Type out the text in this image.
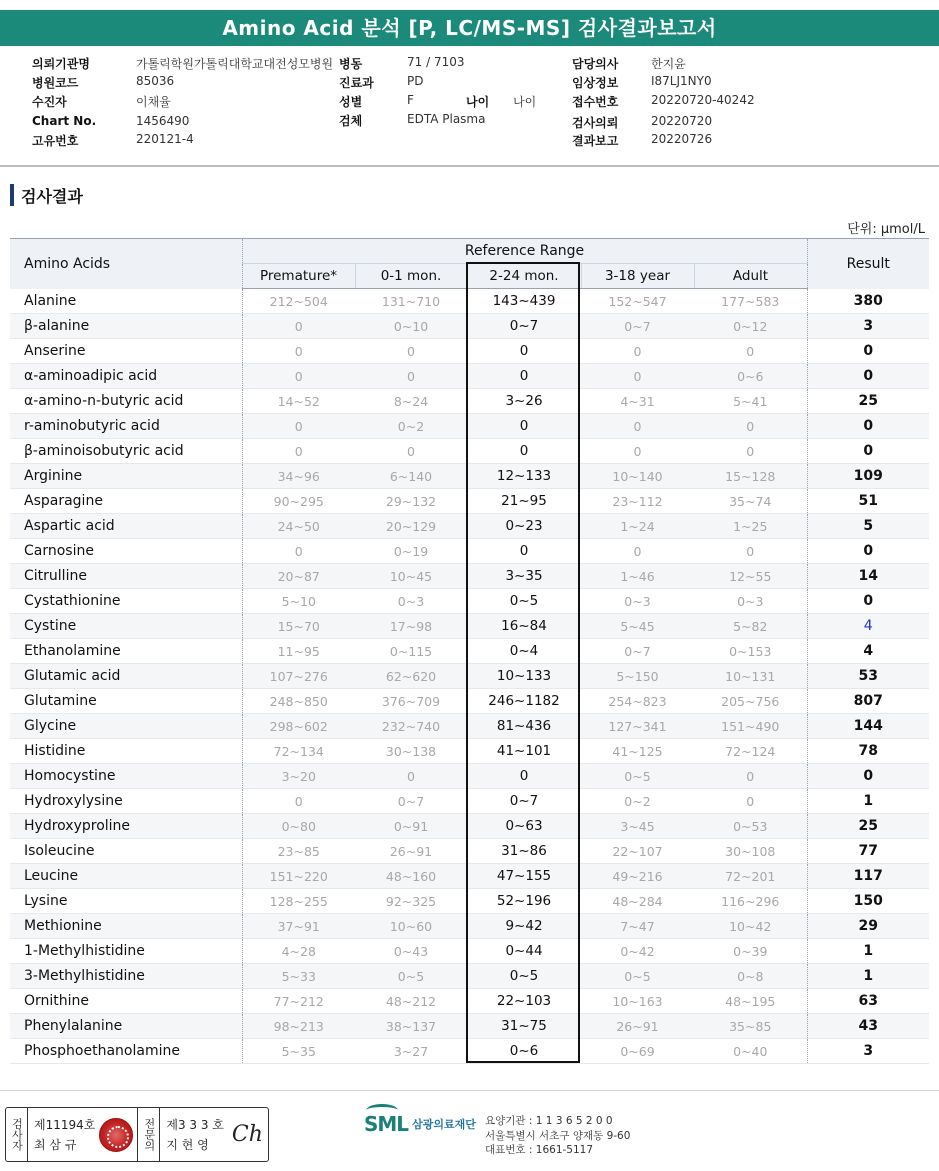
Amino Acid 분석 [P, LC/MS-MS] 검사결과보고서
의뢰기관명	가톨릭학원가톨릭대학교대전성모병원
병원코드	85036
수진자	이채율
Chart No.	1456490
고유번호	220121-4
병동	71 / 7103
진료과	PD
성별	F	나이 나이
검체	EDTA Plasma
담당의사	한지윤
임상정보	I87LJ1NY0
접수번호	20220720-40242
검사의뢰	20220720
결과보고	20220726
검사결과
단위: μmol/L
Amino Acids	Reference Range					Result
	Premature*	0-1 mon.	2-24 mon.	3-18 year	Adult	
Alanine	212~504	131~710	143~439	152~547	177~583	380
β-alanine	0	0~10	0~7	0~7	0~12	3
Anserine	0	0	0	0	0	0
α-aminoadipic acid	0	0	0	0	0~6	0
α-amino-n-butyric acid	14~52	8~24	3~26	4~31	5~41	25
r-aminobutyric acid	0	0~2	0	0	0	0
β-aminoisobutyric acid	0	0	0	0	0	0
Arginine	34~96	6~140	12~133	10~140	15~128	109
Asparagine	90~295	29~132	21~95	23~112	35~74	51
Aspartic acid	24~50	20~129	0~23	1~24	1~25	5
Carnosine	0	0~19	0	0	0	0
Citrulline	20~87	10~45	3~35	1~46	12~55	14
Cystathionine	5~10	0~3	0~5	0~3	0~3	0
Cystine	15~70	17~98	16~84	5~45	5~82	4
Ethanolamine	11~95	0~115	0~4	0~7	0~153	4
Glutamic acid	107~276	62~620	10~133	5~150	10~131	53
Glutamine	248~850	376~709	246~1182	254~823	205~756	807
Glycine	298~602	232~740	81~436	127~341	151~490	144
Histidine	72~134	30~138	41~101	41~125	72~124	78
Homocystine	3~20	0	0	0~5	0	0
Hydroxylysine	0	0~7	0~7	0~2	0	1
Hydroxyproline	0~80	0~91	0~63	3~45	0~53	25
Isoleucine	23~85	26~91	31~86	22~107	30~108	77
Leucine	151~220	48~160	47~155	49~216	72~201	117
Lysine	128~255	92~325	52~196	48~284	116~296	150
Methionine	37~91	10~60	9~42	7~47	10~42	29
1-Methylhistidine	4~28	0~43	0~44	0~42	0~39	1
3-Methylhistidine	5~33	0~5	0~5	0~5	0~8	1
Ornithine	77~212	48~212	22~103	10~163	48~195	63
Phenylalanine	98~213	38~137	31~75	26~91	35~85	43
Phosphoethanolamine	5~35	3~27	0~6	0~69	0~40	3
검사자 제11194호
최 삼 규	전문의 제3 3 3 호
지 현 영	Ch	SML 삼광의료재단 요양기관 : 1 1 3 6 5 2 0 0
서울특별시 서초구 양재동 9-60
대표번호 : 1661-5117
